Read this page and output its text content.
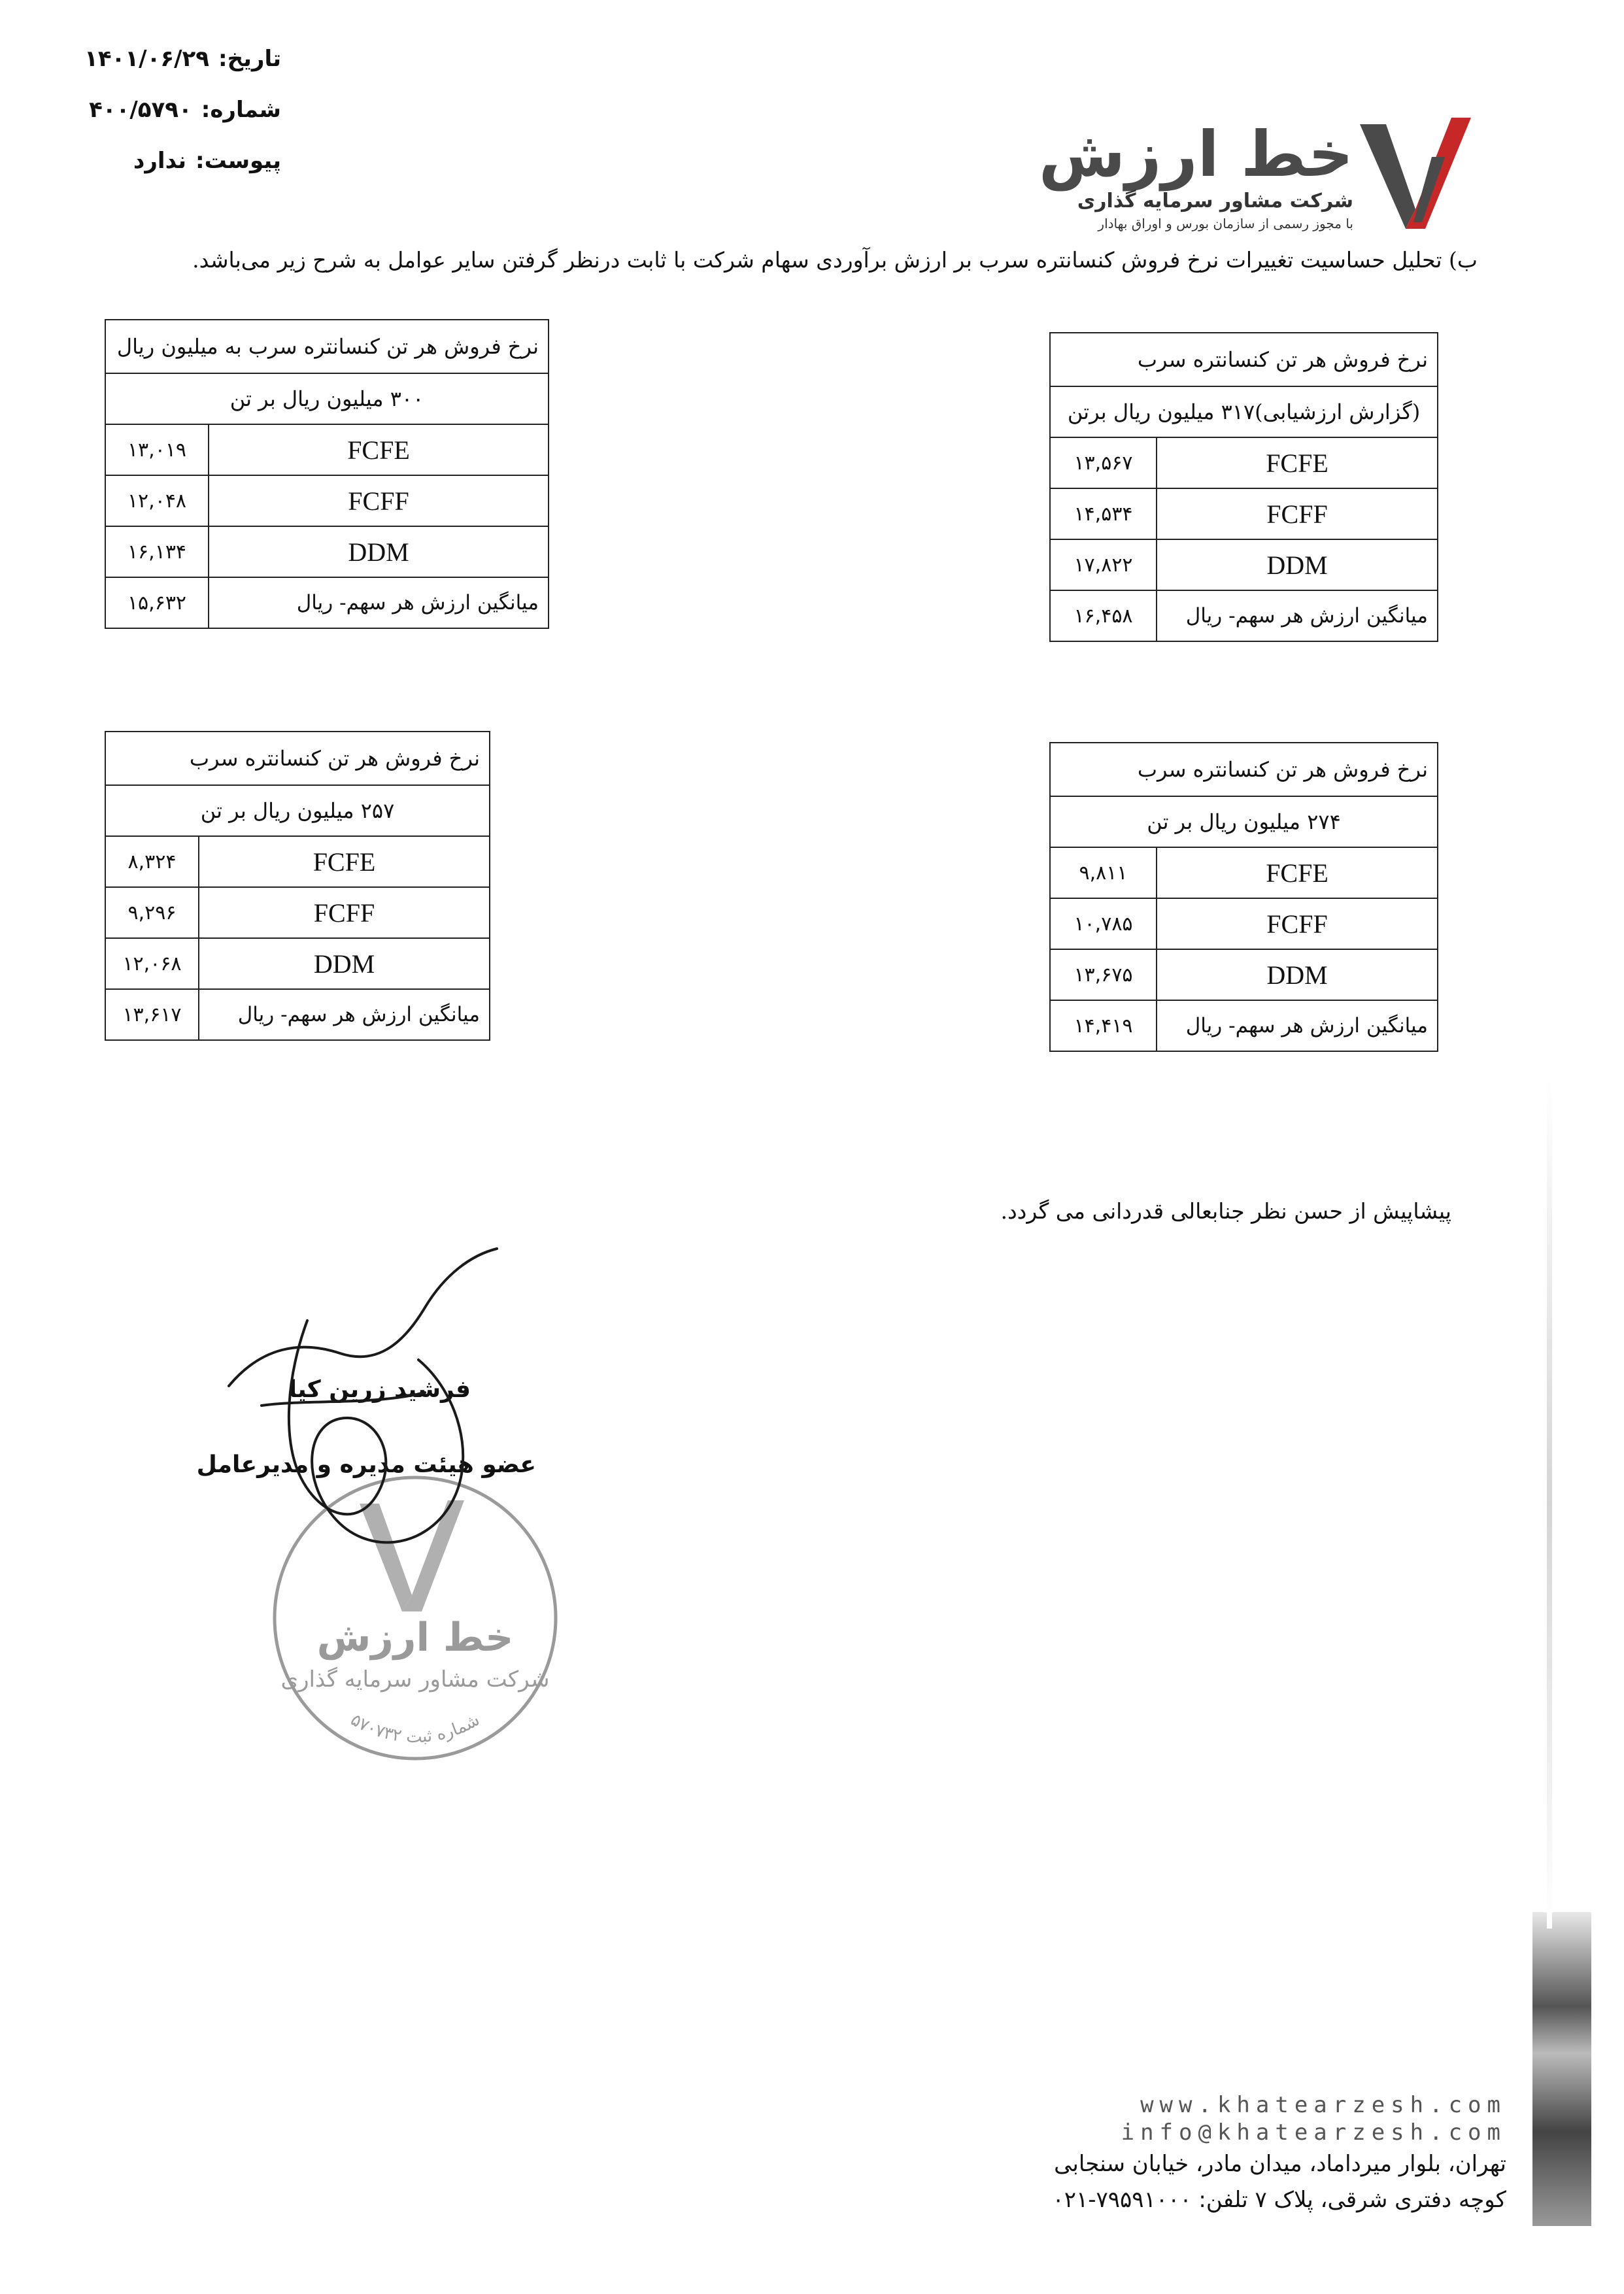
تاریخ:۱۴۰۱/۰۶/۲۹
شماره:۴۰۰/۵۷۹۰
پیوست:ندارد	خط ارزش
شرکت مشاور سرمایه گذاری
با مجوز رسمی از سازمان بورس و اوراق بهادار
ب) تحلیل حساسیت تغییرات نرخ فروش کنسانتره سرب بر ارزش برآوردی سهام شرکت با ثابت درنظر گرفتن سایر عوامل به شرح زیر می‌باشد.
نرخ فروش هر تن کنسانتره سرب	
(گزارش ارزشیابی)۳۱۷ میلیون ریال برتن	
FCFE	۱۳,۵۶۷
FCFF	۱۴,۵۳۴
DDM	۱۷,۸۲۲
میانگین ارزش هر سهم- ریال	۱۶,۴۵۸
نرخ فروش هر تن کنسانتره سرب به میلیون ریال	
۳۰۰ میلیون ریال بر تن	
FCFE	۱۳,۰۱۹
FCFF	۱۲,۰۴۸
DDM	۱۶,۱۳۴
میانگین ارزش هر سهم- ریال	۱۵,۶۳۲
نرخ فروش هر تن کنسانتره سرب	
۲۷۴ میلیون ریال بر تن	
FCFE	۹,۸۱۱
FCFF	۱۰,۷۸۵
DDM	۱۳,۶۷۵
میانگین ارزش هر سهم- ریال	۱۴,۴۱۹
نرخ فروش هر تن کنسانتره سرب	
۲۵۷ میلیون ریال بر تن	
FCFE	۸,۳۲۴
FCFF	۹,۲۹۶
DDM	۱۲,۰۶۸
میانگین ارزش هر سهم- ریال	۱۳,۶۱۷
پیشاپیش از حسن نظر جنابعالی قدردانی می گردد.
خط ارزش
شرکت مشاور سرمایه گذاری
شماره ثبت ۵۷۰۷۳۲
فرشید زرین کیا
عضو هیئت مدیره و مدیرعامل
www.khatearzesh.com
info@khatearzesh.com
تهران، بلوار میرداماد، میدان مادر، خیابان سنجابی
کوچه دفتری شرقی، پلاک ۷ تلفن: ۷۹۵۹۱۰۰۰-۰۲۱
